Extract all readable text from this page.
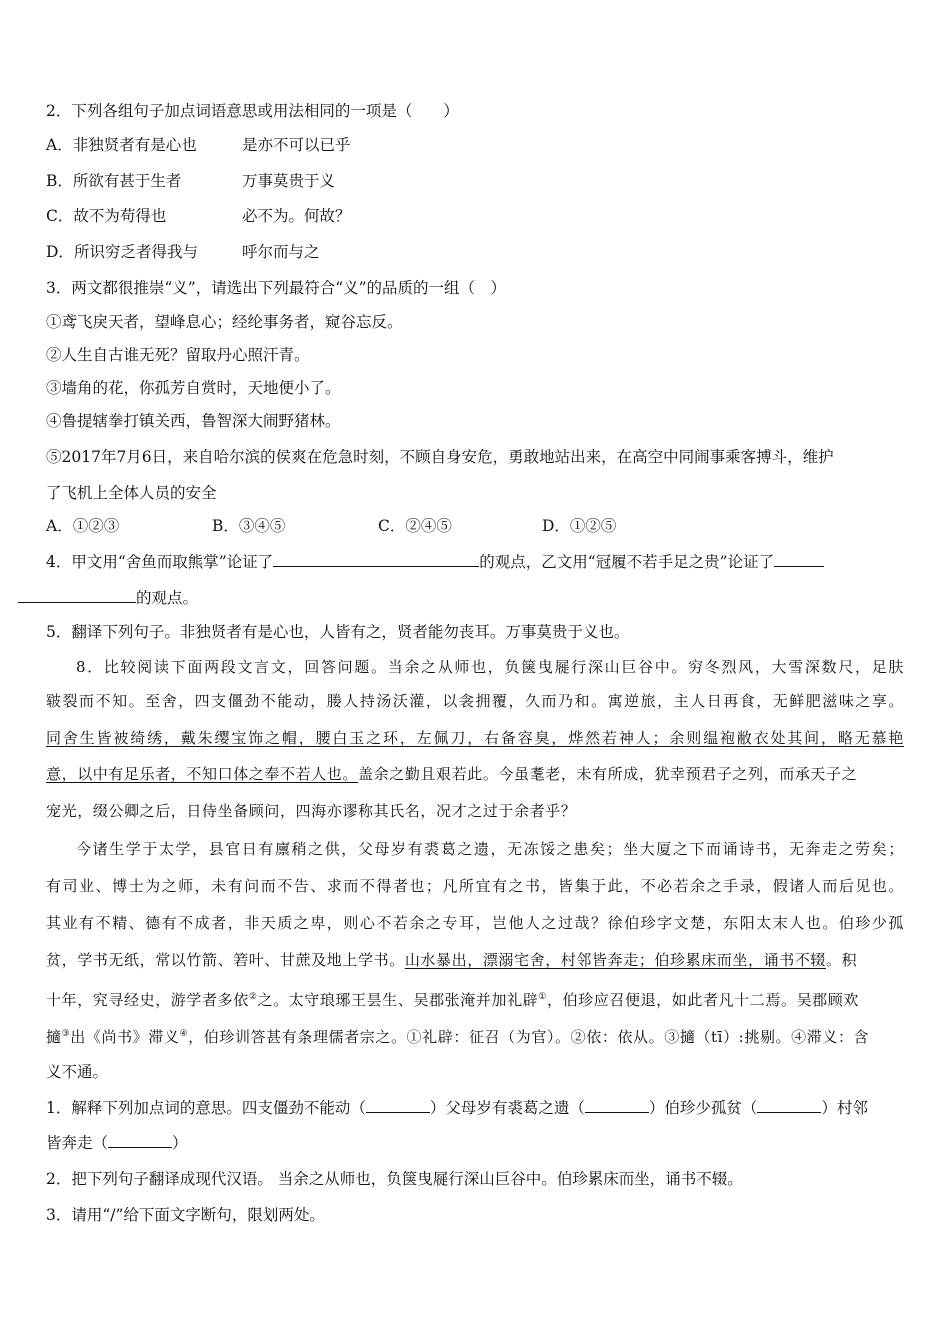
2．下列各组句子加点词语意思或用法相同的一项是（　　）
A．非独贤者有是心也	是亦不可以已乎
B．所欲有甚于生者	万事莫贵于义
C．故不为苟得也	必不为。何故？
D．所识穷乏者得我与	呼尔而与之
3．两文都很推崇“义”，请选出下列最符合“义”的品质的一组（　）
①鸢飞戾天者，望峰息心；经纶事务者，窥谷忘反。
②人生自古谁无死？留取丹心照汗青。
③墙角的花，你孤芳自赏时，天地便小了。
④鲁提辖拳打镇关西，鲁智深大闹野猪林。
⑤2017年7月6日，来自哈尔滨的侯爽在危急时刻，不顾自身安危，勇敢地站出来，在高空中同闹事乘客搏斗，维护
了飞机上全体人员的安全
A．①②③	B．③④⑤	C．②④⑤	D．①②⑤
4．甲文用“舍鱼而取熊掌”论证了	的观点，乙文用“冠履不若手足之贵”论证了
的观点。
5．翻译下列句子。非独贤者有是心也，人皆有之，贤者能勿丧耳。万事莫贵于义也。
8．比较阅读下面两段文言文，回答问题。当余之从师也，负箧曳屣行深山巨谷中。穷冬烈风，大雪深数尺，足肤
皲裂而不知。至舍，四支僵劲不能动，媵人持汤沃灌，以衾拥覆，久而乃和。寓逆旅，主人日再食，无鲜肥滋味之享。
同舍生皆被绮绣，戴朱缨宝饰之帽，腰白玉之环，左佩刀，右备容臭，烨然若神人；余则缊袍敝衣处其间，略无慕艳
意，以中有足乐者，不知口体之奉不若人也。盖余之勤且艰若此。今虽耄老，未有所成，犹幸预君子之列，而承天子之
宠光，缀公卿之后，日侍坐备顾问，四海亦谬称其氏名，况才之过于余者乎？
今诸生学于太学，县官日有廪稍之供，父母岁有裘葛之遗，无冻馁之患矣；坐大厦之下而诵诗书，无奔走之劳矣；
有司业、博士为之师，未有问而不告、求而不得者也；凡所宜有之书，皆集于此，不必若余之手录，假诸人而后见也。
其业有不精、德有不成者，非天质之卑，则心不若余之专耳，岂他人之过哉？徐伯珍字文楚，东阳太末人也。伯珍少孤
贫，学书无纸，常以竹箭、箬叶、甘蔗及地上学书。山水暴出，漂溺宅舍，村邻皆奔走；伯珍累床而坐，诵书不辍。积
十年，究寻经史，游学者多依②之。太守琅琊王昙生、吴郡张淹并加礼辟①，伯珍应召便退，如此者凡十二焉。吴郡顾欢
擿③出《尚书》滞义④，伯珍训答甚有条理儒者宗之。①礼辟：征召（为官）。②依：依从。③擿（tī）:挑剔。④滞义：含
义不通。
1．解释下列加点词的意思。四支僵劲不能动（	）父母岁有裘葛之遗（	）伯珍少孤贫（	）村邻
皆奔走（	）
2．把下列句子翻译成现代汉语。 当余之从师也，负箧曳屣行深山巨谷中。伯珍累床而坐，诵书不辍。
3．请用“/”给下面文字断句，限划两处。
